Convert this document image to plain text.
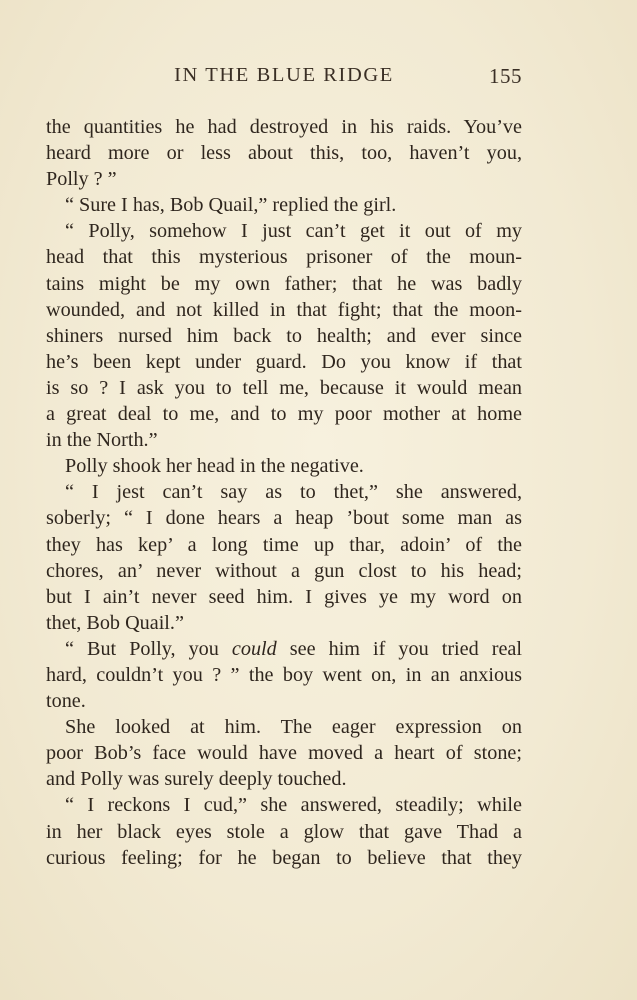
IN THE BLUE RIDGE	155
the quantities he had destroyed in his raids. You’ve
heard more or less about this, too, haven’t you,
Polly ? ”
“ Sure I has, Bob Quail,” replied the girl.
“ Polly, somehow I just can’t get it out of my
head that this mysterious prisoner of the moun-
tains might be my own father; that he was badly
wounded, and not killed in that fight; that the moon-
shiners nursed him back to health; and ever since
he’s been kept under guard. Do you know if that
is so ? I ask you to tell me, because it would mean
a great deal to me, and to my poor mother at home
in the North.”
Polly shook her head in the negative.
“ I jest can’t say as to thet,” she answered,
soberly; “ I done hears a heap ’bout some man as
they has kep’ a long time up thar, adoin’ of the
chores, an’ never without a gun clost to his head;
but I ain’t never seed him. I gives ye my word on
thet, Bob Quail.”
“ But Polly, you could see him if you tried real
hard, couldn’t you ? ” the boy went on, in an anxious
tone.
She looked at him. The eager expression on
poor Bob’s face would have moved a heart of stone;
and Polly was surely deeply touched.
“ I reckons I cud,” she answered, steadily; while
in her black eyes stole a glow that gave Thad a
curious feeling; for he began to believe that they
